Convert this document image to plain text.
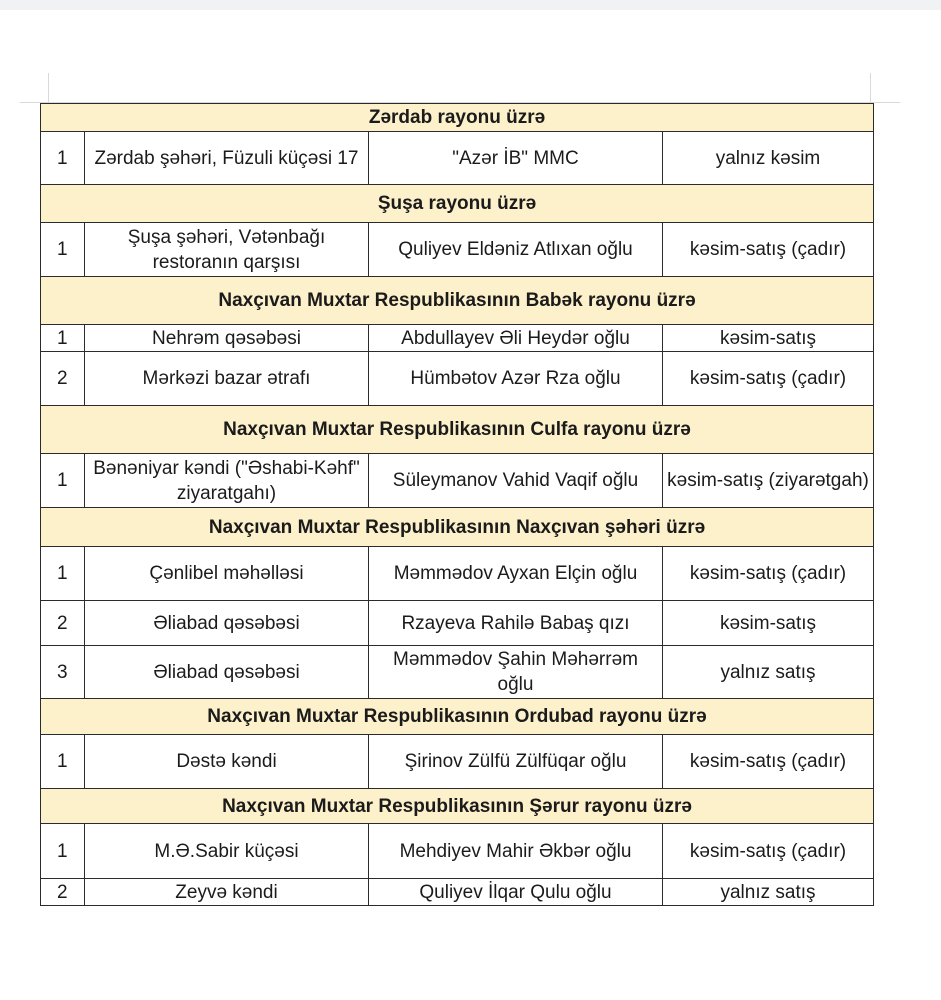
Zərdab rayonu üzrə			
1	Zərdab şəhəri, Füzuli küçəsi 17	"Azər İB" MMC	yalnız kəsim
Şuşa rayonu üzrə			
1	Şuşa şəhəri, Vətənbağı restoranın qarşısı	Quliyev Eldəniz Atlıxan oğlu	kəsim-satış (çadır)
Naxçıvan Muxtar Respublikasının Babək rayonu üzrə			
1	Nehrəm qəsəbəsi	Abdullayev Əli Heydər oğlu	kəsim-satış
2	Mərkəzi bazar ətrafı	Hümbətov Azər Rza oğlu	kəsim-satış (çadır)
Naxçıvan Muxtar Respublikasının Culfa rayonu üzrə			
1	Bənəniyar kəndi ("Əshabi-Kəhf" ziyaratgahı)	Süleymanov Vahid Vaqif oğlu	kəsim-satış (ziyarətgah)
Naxçıvan Muxtar Respublikasının Naxçıvan şəhəri üzrə			
1	Çənlibel məhəlləsi	Məmmədov Ayxan Elçin oğlu	kəsim-satış (çadır)
2	Əliabad qəsəbəsi	Rzayeva Rahilə Babaş qızı	kəsim-satış
3	Əliabad qəsəbəsi	Məmmədov Şahin Məhərrəm oğlu	yalnız satış
Naxçıvan Muxtar Respublikasının Ordubad rayonu üzrə			
1	Dəstə kəndi	Şirinov Zülfü Zülfüqar oğlu	kəsim-satış (çadır)
Naxçıvan Muxtar Respublikasının Şərur rayonu üzrə			
1	M.Ə.Sabir küçəsi	Mehdiyev Mahir Əkbər oğlu	kəsim-satış (çadır)
2	Zeyvə kəndi	Quliyev İlqar Qulu oğlu	yalnız satış
